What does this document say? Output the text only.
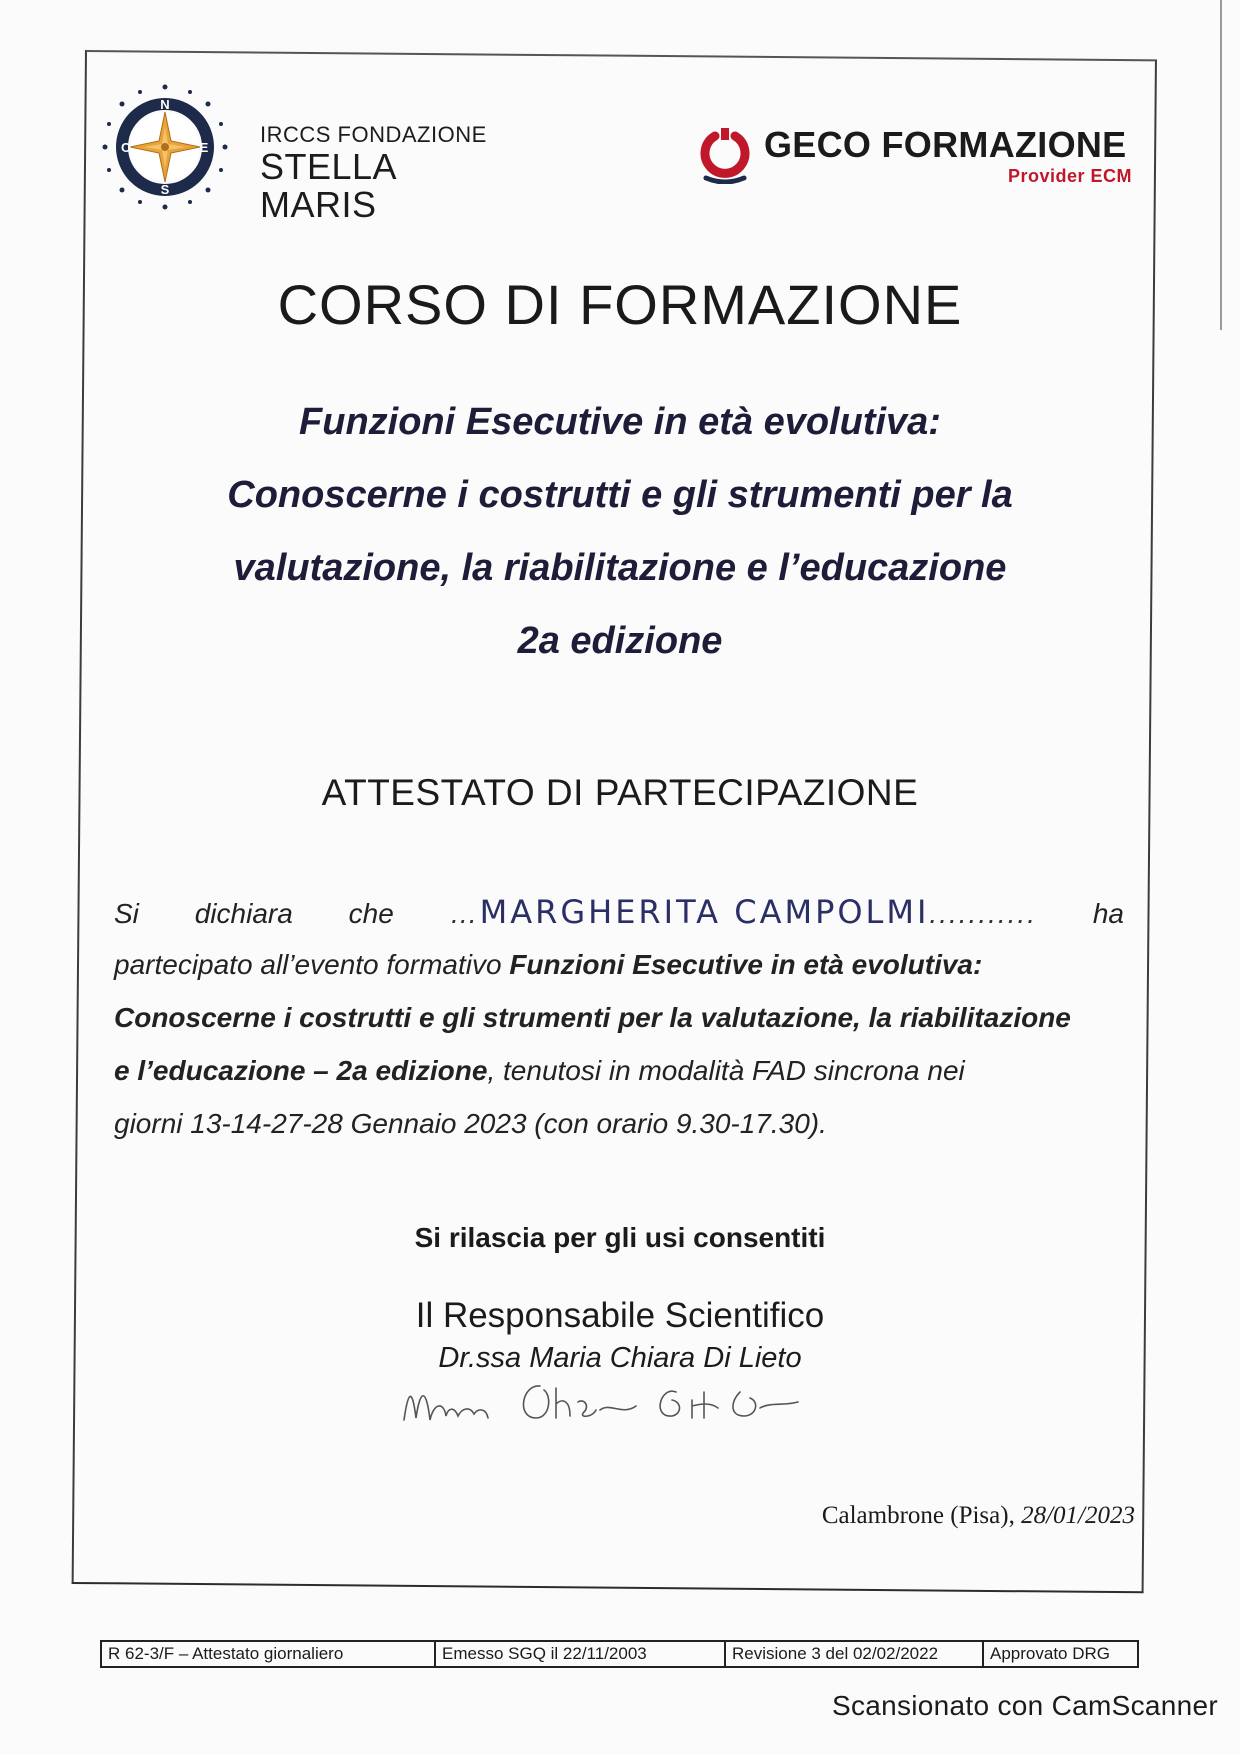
N
O	E
S
IRCCS FONDAZIONE
STELLA MARIS
GECO FORMAZIONE
Provider ECM
CORSO DI FORMAZIONE
Funzioni Esecutive in età evolutiva:
Conoscerne i costrutti e gli strumenti per la
valutazione, la riabilitazione e l’educazione
2a edizione
ATTESTATO DI PARTECIPAZIONE
Si dichiara che …MARGHERITA CAMPOLMI........... ha
partecipato all’evento formativo
Funzioni Esecutive in età evolutiva:
Conoscerne i costrutti e gli strumenti per la valutazione, la riabilitazione
e l’educazione – 2a edizione , tenutosi in modalità FAD sincrona nei
giorni 13-14-27-28 Gennaio 2023 (con orario 9.30-17.30).
Si rilascia per gli usi consentiti
Il Responsabile Scientifico
Dr.ssa Maria Chiara Di Lieto
Calambrone (Pisa), 28/01/2023
R 62-3/F – Attestato giornaliero	Emesso SGQ il 22/11/2003	Revisione 3 del 02/02/2022	Approvato DRG
Scansionato con CamScanner
